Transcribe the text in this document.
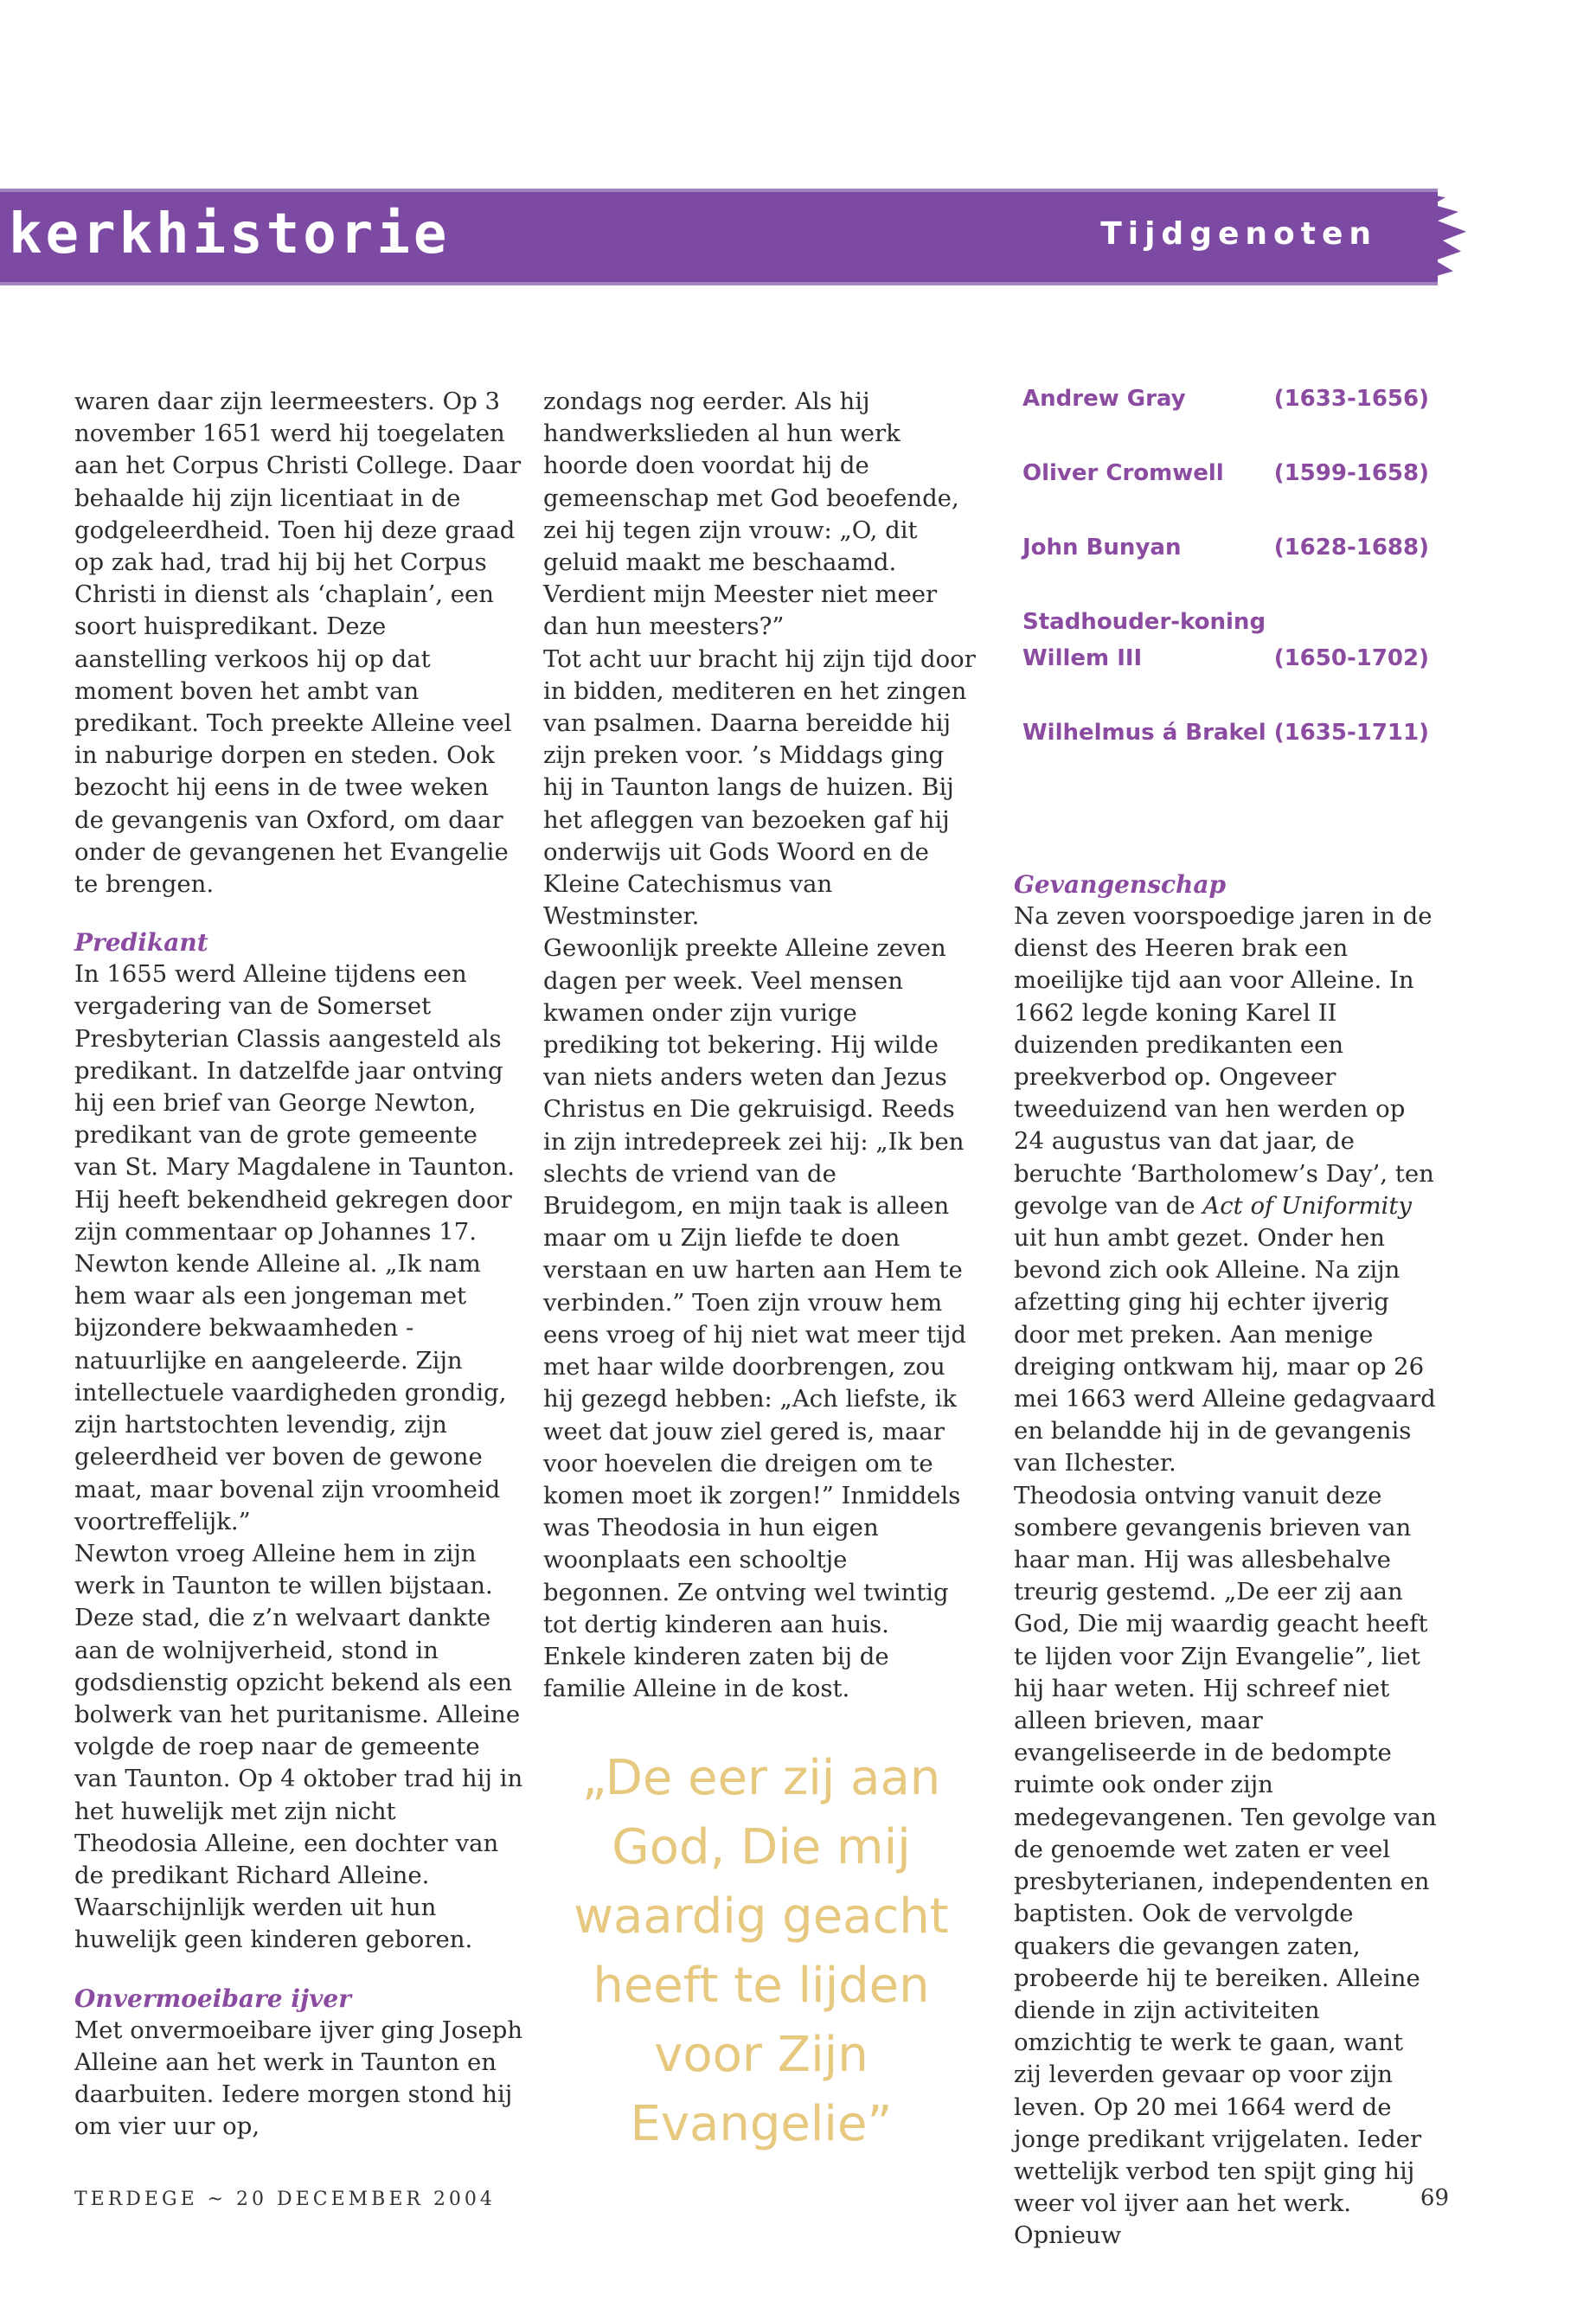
kerkhistorie	Tijdgenoten

waren daar zijn leermeesters. Op 3 november 1651 werd hij toegelaten aan het Corpus Christi College. Daar behaalde hij zijn licentiaat in de godgeleerdheid. Toen hij deze graad op zak had, trad hij bij het Corpus Christi in dienst als ‘chaplain’, een soort huispredikant. Deze aanstelling verkoos hij op dat moment boven het ambt van predikant. Toch preekte Alleine veel in naburige dorpen en steden. Ook bezocht hij eens in de twee weken de gevangenis van Oxford, om daar onder de gevangenen het Evangelie te brengen.

Predikant

In 1655 werd Alleine tijdens een vergadering van de Somerset Presbyterian Classis aangesteld als predikant. In datzelfde jaar ontving hij een brief van George Newton, predikant van de grote gemeente van St. Mary Magdalene in Taunton. Hij heeft bekendheid gekregen door zijn commentaar op Johannes 17. Newton kende Alleine al. „Ik nam hem waar als een jongeman met bijzondere bekwaamheden - natuurlijke en aangeleerde. Zijn intellectuele vaardigheden grondig, zijn hartstochten levendig, zijn geleerdheid ver boven de gewone maat, maar bovenal zijn vroomheid voortreffelijk.”

Newton vroeg Alleine hem in zijn werk in Taunton te willen bijstaan. Deze stad, die z’n welvaart dankte aan de wolnijverheid, stond in godsdienstig opzicht bekend als een bolwerk van het puritanisme. Alleine volgde de roep naar de gemeente van Taunton. Op 4 oktober trad hij in het huwelijk met zijn nicht Theodosia Alleine, een dochter van de predikant Richard Alleine. Waarschijnlijk werden uit hun huwelijk geen kinderen geboren.

Onvermoeibare ijver

Met onvermoeibare ijver ging Joseph Alleine aan het werk in Taunton en daarbuiten. Iedere morgen stond hij om vier uur op,

zondags nog eerder. Als hij handwerkslieden al hun werk hoorde doen voordat hij de gemeenschap met God beoefende, zei hij tegen zijn vrouw: „O, dit geluid maakt me beschaamd. Verdient mijn Meester niet meer dan hun meesters?”

Tot acht uur bracht hij zijn tijd door in bidden, mediteren en het zingen van psalmen. Daarna bereidde hij zijn preken voor. ’s Middags ging hij in Taunton langs de huizen. Bij het afleggen van bezoeken gaf hij onderwijs uit Gods Woord en de Kleine Catechismus van Westminster.

Gewoonlijk preekte Alleine zeven dagen per week. Veel mensen kwamen onder zijn vurige prediking tot bekering. Hij wilde van niets anders weten dan Jezus Christus en Die gekruisigd. Reeds in zijn intredepreek zei hij: „Ik ben slechts de vriend van de Bruidegom, en mijn taak is alleen maar om u Zijn liefde te doen verstaan en uw harten aan Hem te verbinden.” Toen zijn vrouw hem eens vroeg of hij niet wat meer tijd met haar wilde doorbrengen, zou hij gezegd hebben: „Ach liefste, ik weet dat jouw ziel gered is, maar voor hoevelen die dreigen om te komen moet ik zorgen!” Inmiddels was Theodosia in hun eigen woonplaats een schooltje begonnen. Ze ontving wel twintig tot dertig kinderen aan huis. Enkele kinderen zaten bij de familie Alleine in de kost.

„De eer zij aan God, Die mij waardig geacht heeft te lijden voor Zijn Evangelie”
Andrew Gray	(1633-1656)
Oliver Cromwell (1599-1658)
John Bunyan	(1628-1688)
Stadhouder-koning
Willem III	(1650-1702)
Wilhelmus á Brakel (1635-1711)
Gevangenschap

Na zeven voorspoedige jaren in de dienst des Heeren brak een moeilijke tijd aan voor Alleine. In 1662 legde koning Karel II duizenden predikanten een preekverbod op. Ongeveer tweeduizend van hen werden op 24 augustus van dat jaar, de beruchte ‘Bartholomew’s Day’, ten gevolge van de Act of Uniformity uit hun ambt gezet. Onder hen bevond zich ook Alleine. Na zijn afzetting ging hij echter ijverig door met preken. Aan menige dreiging ontkwam hij, maar op 26 mei 1663 werd Alleine gedagvaard en belandde hij in de gevangenis van Ilchester.

Theodosia ontving vanuit deze sombere gevangenis brieven van haar man. Hij was allesbehalve treurig gestemd. „De eer zij aan God, Die mij waardig geacht heeft te lijden voor Zijn Evangelie”, liet hij haar weten. Hij schreef niet alleen brieven, maar evangeliseerde in de bedompte ruimte ook onder zijn medegevangenen. Ten gevolge van de genoemde wet zaten er veel presbyterianen, independenten en baptisten. Ook de vervolgde quakers die gevangen zaten, probeerde hij te bereiken. Alleine diende in zijn activiteiten omzichtig te werk te gaan, want zij leverden gevaar op voor zijn leven. Op 20 mei 1664 werd de jonge predikant vrijgelaten. Ieder wettelijk verbod ten spijt ging hij weer vol ijver aan het werk. Opnieuw

TERDEGE ~ 20 DECEMBER 2004	69
